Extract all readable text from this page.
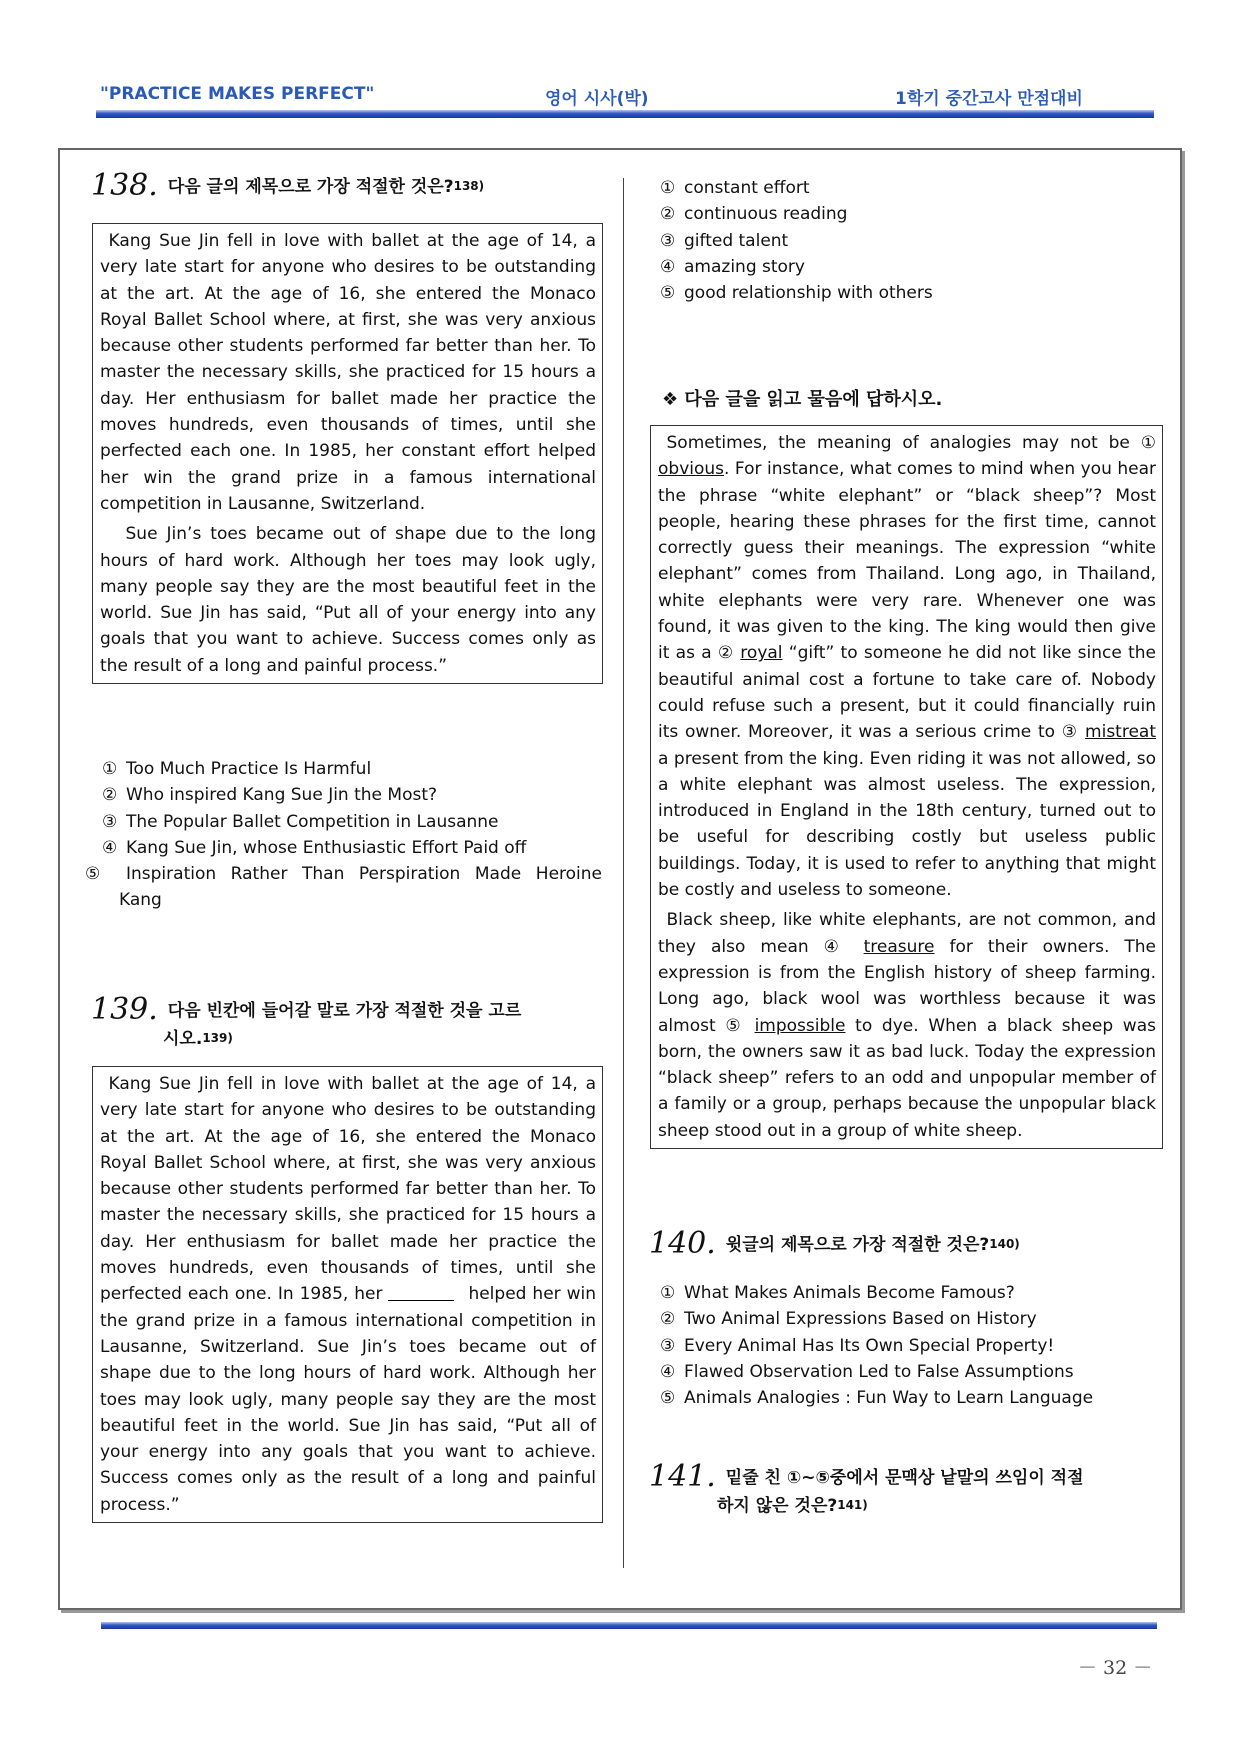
"PRACTICE MAKES PERFECT"	영어 시사(박)	1학기 중간고사 만점대비
138. 다음 글의 제목으로 가장 적절한 것은?138)

Kang Sue Jin fell in love with ballet at the age of 14, a very late start for anyone who desires to be outstanding at the art. At the age of 16, she entered the Monaco Royal Ballet School where, at first, she was very anxious because other students performed far better than her. To master the necessary skills, she practiced for 15 hours a day. Her enthusiasm for ballet made her practice the moves hundreds, even thousands of times, until she perfected each one. In 1985, her constant effort helped her win the grand prize in a famous international competition in Lausanne, Switzerland.

Sue Jin’s toes became out of shape due to the long hours of hard work. Although her toes may look ugly, many people say they are the most beautiful feet in the world. Sue Jin has said, “Put all of your energy into any goals that you want to achieve. Success comes only as the result of a long and painful process.”

① Too Much Practice Is Harmful
② Who inspired Kang Sue Jin the Most?
③ The Popular Ballet Competition in Lausanne
④ Kang Sue Jin, whose Enthusiastic Effort Paid off
⑤ Inspiration Rather Than Perspiration Made Heroine Kang
139. 다음 빈칸에 들어갈 말로 가장 적절한 것을 고르
시오.139)

Kang Sue Jin fell in love with ballet at the age of 14, a very late start for anyone who desires to be outstanding at the art. At the age of 16, she entered the Monaco Royal Ballet School where, at first, she was very anxious because other students performed far better than her. To master the necessary skills, she practiced for 15 hours a day. Her enthusiasm for ballet made her practice the moves hundreds, even thousands of times, until she perfected each one. In 1985, her	helped her win the grand prize in a famous international competition in Lausanne, Switzerland. Sue Jin’s toes became out of shape due to the long hours of hard work. Although her toes may look ugly, many people say they are the most beautiful feet in the world. Sue Jin has said, “Put all of your energy into any goals that you want to achieve. Success comes only as the result of a long and painful process.”

① constant effort
② continuous reading
③ gifted talent
④ amazing story
⑤ good relationship with others
❖ 다음 글을 읽고 물음에 답하시오.

Sometimes, the meaning of analogies may not be ① obvious. For instance, what comes to mind when you hear the phrase “white elephant” or “black sheep”? Most people, hearing these phrases for the first time, cannot correctly guess their meanings. The expression “white elephant” comes from Thailand. Long ago, in Thailand, white elephants were very rare. Whenever one was found, it was given to the king. The king would then give it as a ② royal “gift” to someone he did not like since the beautiful animal cost a fortune to take care of. Nobody could refuse such a present, but it could financially ruin its owner. Moreover, it was a serious crime to ③ mistreat a present from the king. Even riding it was not allowed, so a white elephant was almost useless. The expression, introduced in England in the 18th century, turned out to be useful for describing costly but useless public buildings. Today, it is used to refer to anything that might be costly and useless to someone.

Black sheep, like white elephants, are not common, and they also mean ④ treasure for their owners. The expression is from the English history of sheep farming. Long ago, black wool was worthless because it was almost ⑤ impossible to dye. When a black sheep was born, the owners saw it as bad luck. Today the expression “black sheep” refers to an odd and unpopular member of a family or a group, perhaps because the unpopular black sheep stood out in a group of white sheep.

140. 윗글의 제목으로 가장 적절한 것은?140)
① What Makes Animals Become Famous?
② Two Animal Expressions Based on History
③ Every Animal Has Its Own Special Property!
④ Flawed Observation Led to False Assumptions
⑤ Animals Analogies : Fun Way to Learn Language
141. 밑줄 친 ①~⑤중에서 문맥상 낱말의 쓰임이 적절
하지 않은 것은?141)
－ 32 －
